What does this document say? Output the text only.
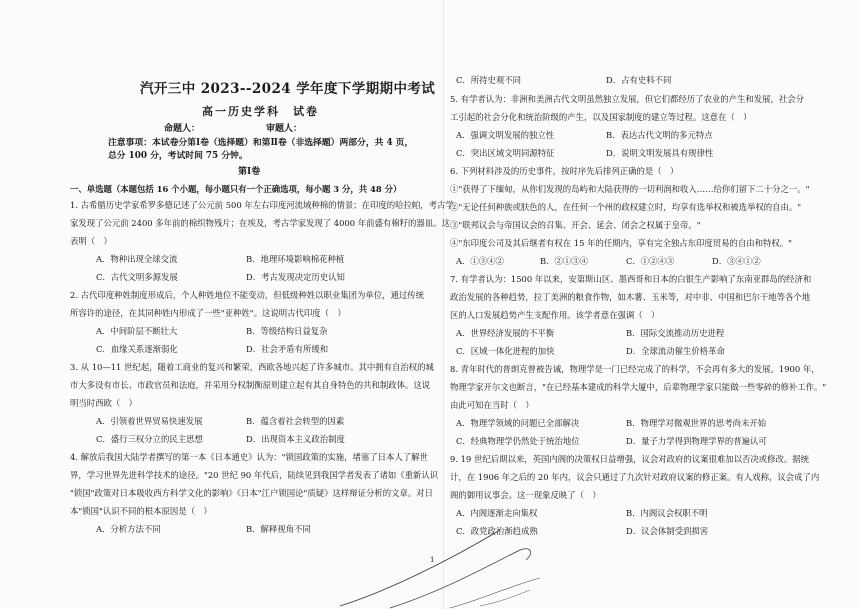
汽开三中 2023--2024 学年度下学期期中考试
高一历史学科　试卷
命题人：	审题人：
注意事项：本试卷分第Ⅰ卷（选择题）和第Ⅱ卷（非选择题）两部分，共 4 页，
总分 100 分，考试时间 75 分钟。
第Ⅰ卷
一、单选题（本题包括 16 个小题，每小题只有一个正确选项，每小题 3 分，共 48 分）
1. 古希腊历史学家希罗多德记述了公元前 500 年左右印度河流域种棉的情景；在印度的哈拉帕，考古学
家发现了公元前 2400 多年前的棉织物残片；在埃及，考古学家发现了 4000 年前盛有棉籽的器皿。这
表明（　）
A．物种出现全球交流	B．地理环境影响棉花种植
C．古代文明多源发展	D．考古发现决定历史认知
2. 古代印度种姓制度形成后，个人种姓地位不能变动，但低级种姓以职业集团为单位，通过传统
所容许的途径，在其同种姓内形成了一些"亚种姓"。这说明古代印度（　）
A．中间阶层不断壮大	B．等级结构日益复杂
C．血缘关系逐渐弱化	D．社会矛盾有所缓和
3. 从 10—11 世纪起，随着工商业的复兴和繁荣，西欧各地兴起了许多城市。其中拥有自治权的城
市大多设有市长、市政官员和法庭，并采用分权制衡原则建立起有其自身特色的共和制政体。这说
明当时西欧（　）
A．引领着世界贸易快速发展	B．蕴含着社会转型的因素
C．盛行三权分立的民主思想	D．出现资本主义政治制度
4. 解放后我国大陆学者撰写的第一本《日本通史》认为："锁国政策的实施，堵塞了日本人了解世
界，学习世界先进科学技术的途径。"20 世纪 90 年代后，陆续见到我国学者发表了诸如《重新认识
"锁国"政策对日本吸收西方科学文化的影响》《日本"江户锁国论"质疑》这样辩证分析的文章。对日
本"锁国"认识不同的根本原因是（　）
A．分析方法不同	B．解释视角不同
C．所持史观不同	D．占有史料不同
5. 有学者认为：非洲和美洲古代文明虽然独立发展，但它们都经历了农业的产生和发展，社会分
工引起的社会分化和统治阶级的产生，以及国家制度的建立等过程。这意在（　）
A．强调文明发展的独立性	B．表达古代文明的多元特点
C．突出区域文明同源特征	D．说明文明发展具有规律性
6. 下列材料涉及的历史事件，按时序先后排列正确的是（　）
①"获得了下缅甸，从你们发现的岛屿和大陆获得的一切利润和收入……给你们留下二十分之一。"
②"无论任何种族或肤色的人，在任何一个州的政权建立时，均享有选举权和被选举权的自由。"
③"联邦议会与帝国议会的召集、开会、延会、闭会之权属于皇帝。"
④"东印度公司及其后继者有权在 15 年的任期内，享有完全独占东印度贸易的自由和特权。"
A．①③④②	B．②①③④	C．①②④③	D．③④①②
7. 有学者认为：1500 年以来，安第斯山区、墨西哥和日本的白银生产影响了东南亚群岛的经济和
政治发展的各种趋势，拉丁美洲的粮食作物，如木薯、玉米等，对中非、中国和巴尔干地等各个地
区的人口发展趋势产生支配作用。该学者意在强调（　）
A．世界经济发展的不平衡	B．国际交流推动历史进程
C．区域一体化进程的加快	D．全球流动催生价格革命
8. 青年时代的普朗克曾被告诫，物理学是一门已经完成了的科学，不会再有多大的发展。1900 年，
物理学家开尔文也断言，"在已经基本建成的科学大厦中，后辈物理学家只能做一些零碎的修补工作。"
由此可知在当时（　）
A．物理学领域的问题已全部解决	B．物理学对微观世界的思考尚未开始
C．经典物理学仍然处于统治地位	D．量子力学得到物理学界的普遍认可
9. 19 世纪后期以来，英国内阁的决策权日益增强，议会对政府的议案很难加以否决或修改。据统
计，在 1906 年之后的 20 年内，议会只通过了九次针对政府议案的修正案。有人戏称，议会成了内
阁的御用议事会。这一现象反映了（　）
A．内阁逐渐走向集权	B．内阁议会权职不明
C．政党政治渐趋成熟	D．议会体制受到损害
1
